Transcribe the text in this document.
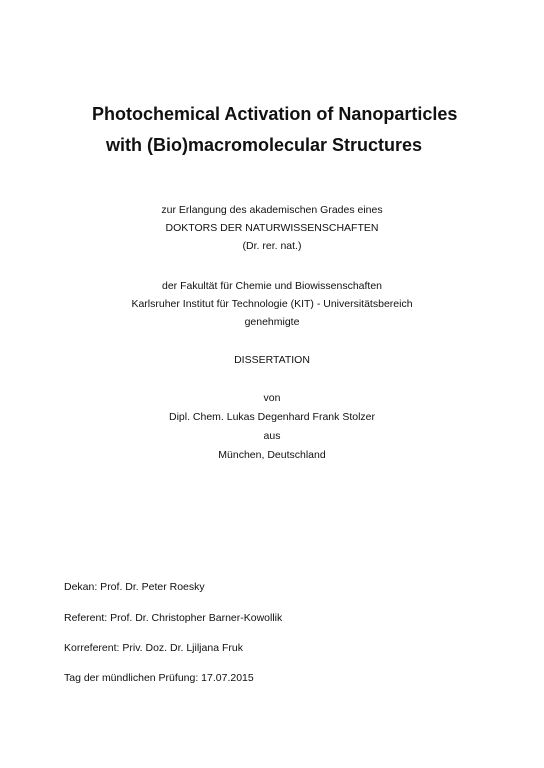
Photochemical Activation of Nanoparticles
with (Bio)macromolecular Structures
zur Erlangung des akademischen Grades eines
DOKTORS DER NATURWISSENSCHAFTEN
(Dr. rer. nat.)
der Fakultät für Chemie und Biowissenschaften
Karlsruher Institut für Technologie (KIT) - Universitätsbereich
genehmigte
DISSERTATION
von
Dipl. Chem. Lukas Degenhard Frank Stolzer
aus
München, Deutschland
Dekan: Prof. Dr. Peter Roesky
Referent: Prof. Dr. Christopher Barner-Kowollik
Korreferent: Priv. Doz. Dr. Ljiljana Fruk
Tag der mündlichen Prüfung: 17.07.2015
